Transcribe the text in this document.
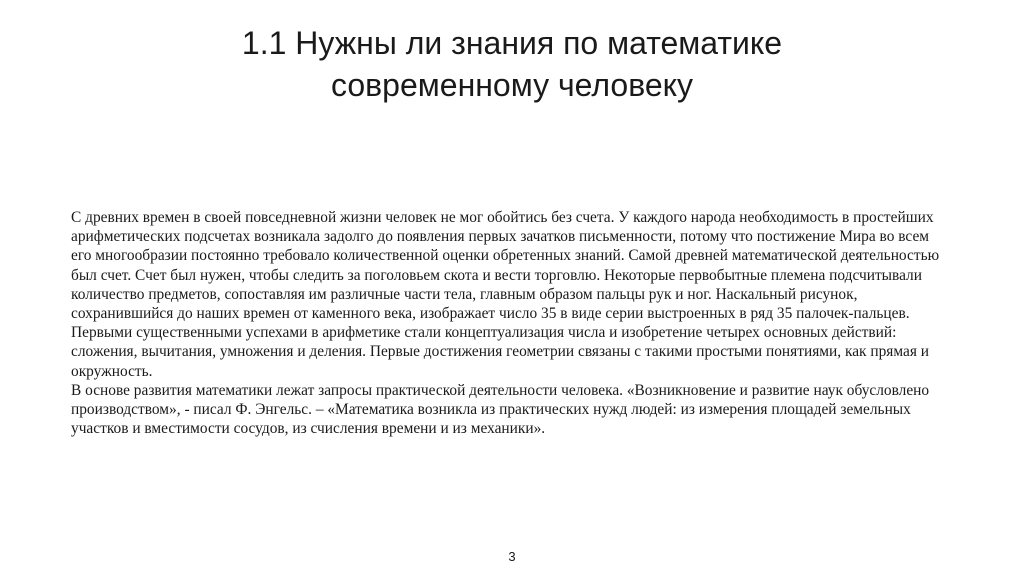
1.1 Нужны ли знания по математике
современному человеку

С древних времен в своей повседневной жизни человек не мог обойтись без счета. У каждого народа необходимость в простейших арифметических подсчетах возникала задолго до появления первых зачатков письменности, потому что постижение Мира во всем его многообразии постоянно требовало количественной оценки обретенных знаний. Самой древней математической деятельностью был счет. Счет был нужен, чтобы следить за поголовьем скота и вести торговлю. Некоторые первобытные племена подсчитывали количество предметов, сопоставляя им различные части тела, главным образом пальцы рук и ног. Наскальный рисунок, сохранившийся до наших времен от каменного века, изображает число 35 в виде серии выстроенных в ряд 35 палочек-пальцев. Первыми существенными успехами в арифметике стали концептуализация числа и изобретение четырех основных действий: сложения, вычитания, умножения и деления. Первые достижения геометрии связаны с такими простыми понятиями, как прямая и окружность.

В основе развития математики лежат запросы практической деятельности человека. «Возникновение и развитие наук обусловлено производством», - писал Ф. Энгельс. – «Математика возникла из практических нужд людей: из измерения площадей земельных участков и вместимости сосудов, из счисления времени и из механики».

3
